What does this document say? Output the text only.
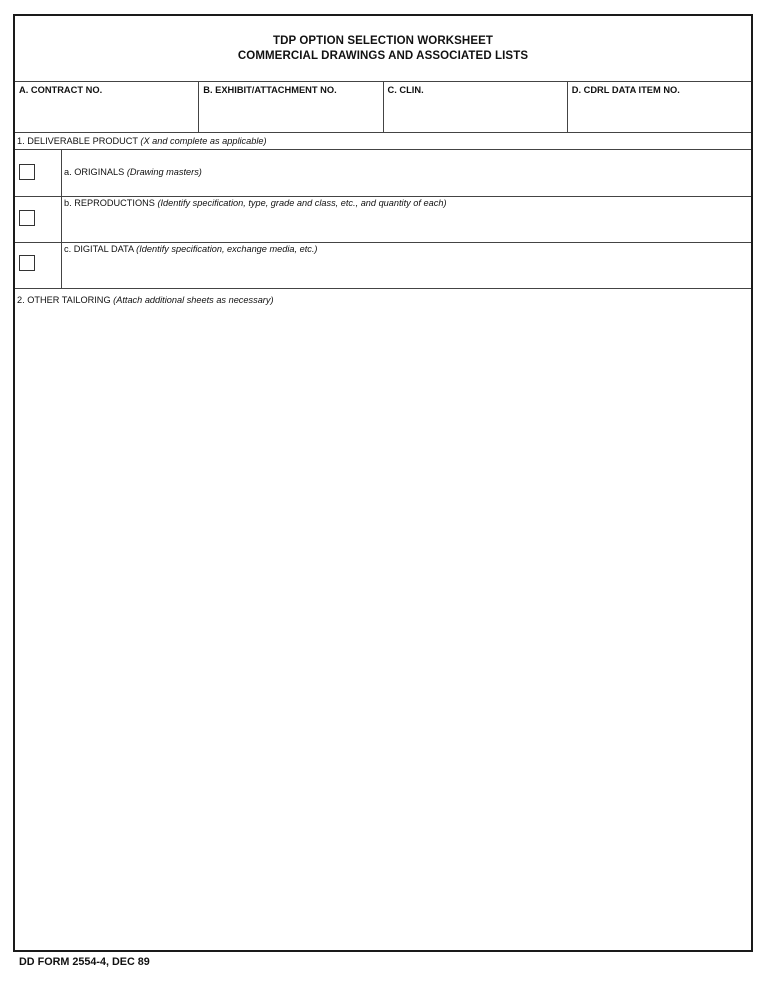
TDP OPTION SELECTION WORKSHEET
COMMERCIAL DRAWINGS AND ASSOCIATED LISTS
A. CONTRACT NO.	B. EXHIBIT/ATTACHMENT NO.	C. CLIN.	D. CDRL DATA ITEM NO.
1. DELIVERABLE PRODUCT (X and complete as applicable)
a. ORIGINALS (Drawing masters)
b. REPRODUCTIONS (Identify specification, type, grade and class, etc., and quantity of each)
c. DIGITAL DATA (Identify specification, exchange media, etc.)
2. OTHER TAILORING (Attach additional sheets as necessary)
DD FORM 2554-4, DEC 89
